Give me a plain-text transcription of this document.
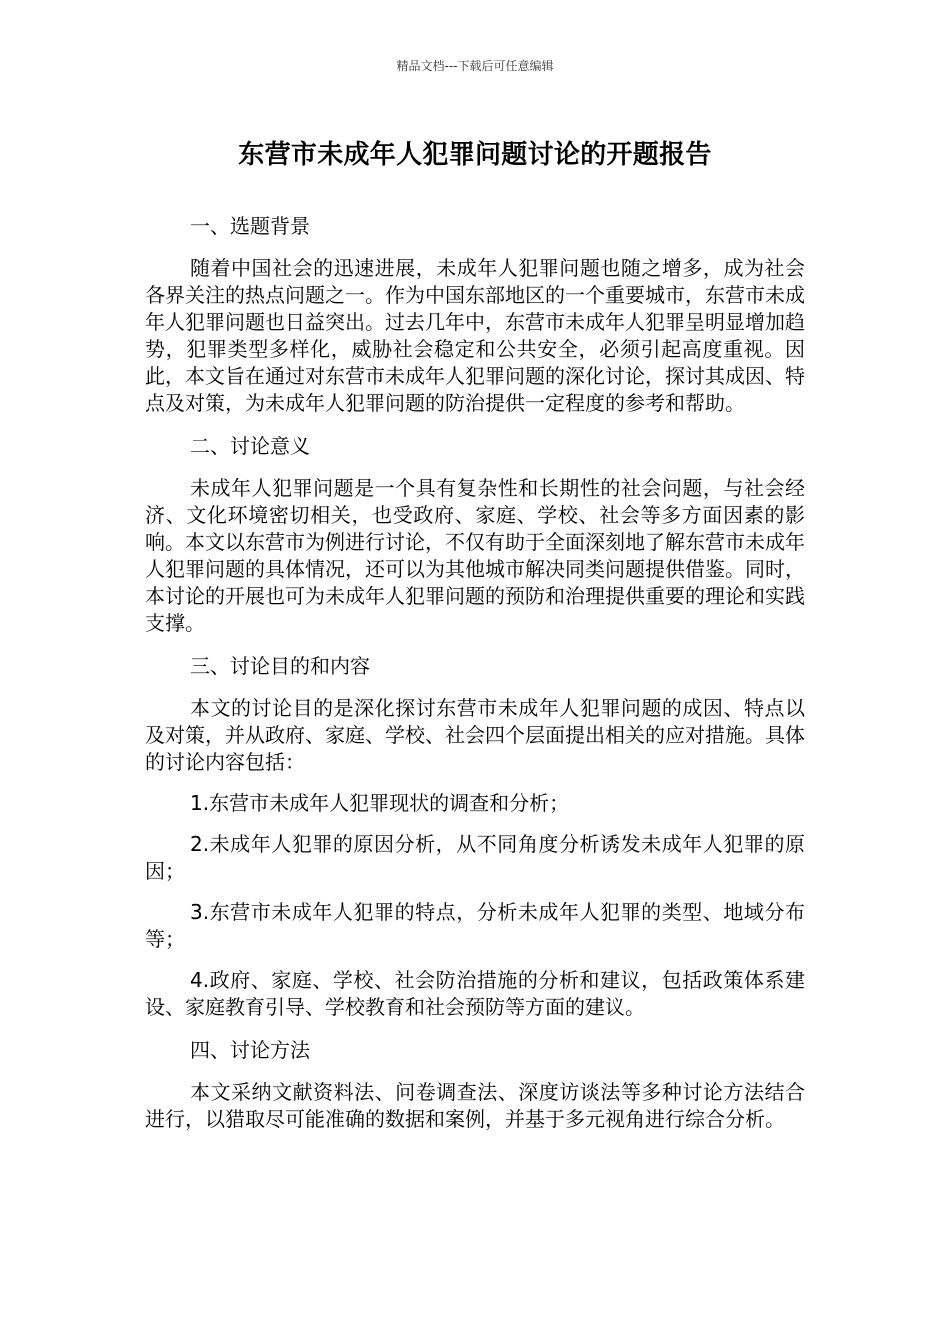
精品文档---下载后可任意编辑
东营市未成年人犯罪问题讨论的开题报告
一、选题背景

随着中国社会的迅速进展，未成年人犯罪问题也随之增多，成为社会各界关注的热点问题之一。作为中国东部地区的一个重要城市，东营市未成年人犯罪问题也日益突出。过去几年中，东营市未成年人犯罪呈明显增加趋势，犯罪类型多样化，威胁社会稳定和公共安全，必须引起高度重视。因此，本文旨在通过对东营市未成年人犯罪问题的深化讨论，探讨其成因、特点及对策，为未成年人犯罪问题的防治提供一定程度的参考和帮助。

二、讨论意义

未成年人犯罪问题是一个具有复杂性和长期性的社会问题，与社会经济、文化环境密切相关，也受政府、家庭、学校、社会等多方面因素的影响。本文以东营市为例进行讨论，不仅有助于全面深刻地了解东营市未成年人犯罪问题的具体情况，还可以为其他城市解决同类问题提供借鉴。同时，本讨论的开展也可为未成年人犯罪问题的预防和治理提供重要的理论和实践支撑。

三、讨论目的和内容

本文的讨论目的是深化探讨东营市未成年人犯罪问题的成因、特点以及对策，并从政府、家庭、学校、社会四个层面提出相关的应对措施。具体的讨论内容包括：

1.东营市未成年人犯罪现状的调查和分析；

2.未成年人犯罪的原因分析，从不同角度分析诱发未成年人犯罪的原因；

3.东营市未成年人犯罪的特点，分析未成年人犯罪的类型、地域分布等；

4.政府、家庭、学校、社会防治措施的分析和建议，包括政策体系建设、家庭教育引导、学校教育和社会预防等方面的建议。

四、讨论方法

本文采纳文献资料法、问卷调查法、深度访谈法等多种讨论方法结合进行，以猎取尽可能准确的数据和案例，并基于多元视角进行综合分析。
